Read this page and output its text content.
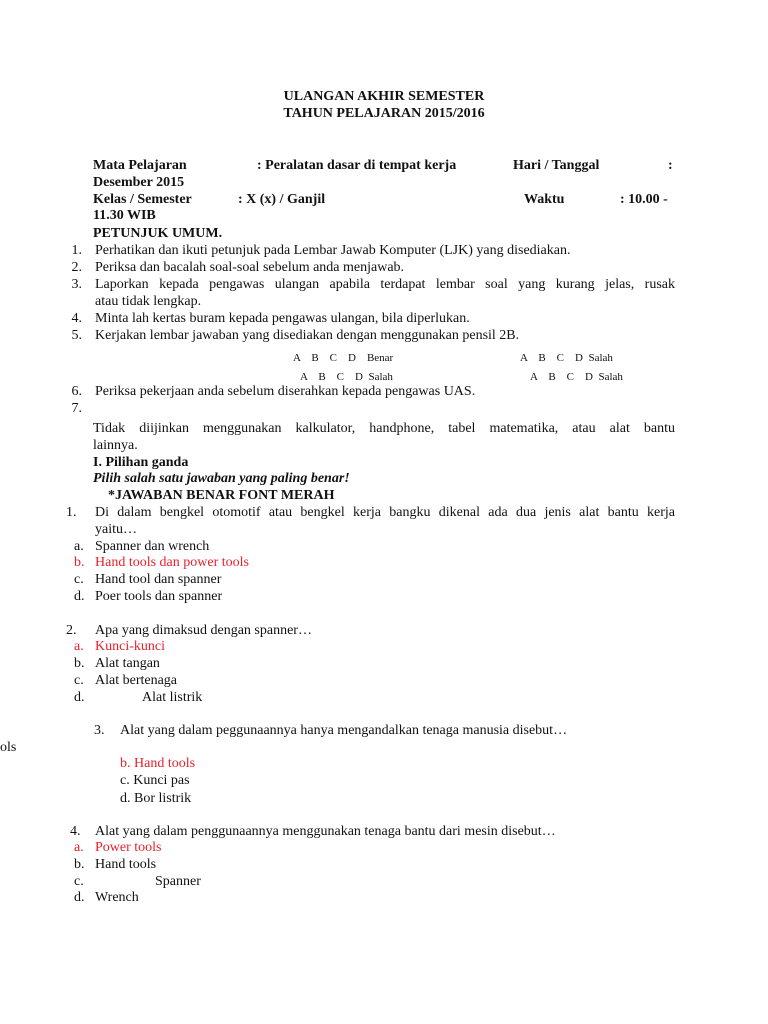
ULANGAN AKHIR SEMESTER
TAHUN PELAJARAN 2015/2016
Mata Pelajaran	: Peralatan dasar di tempat kerja	Hari / Tanggal	:
Desember 2015
Kelas / Semester	: X (x) / Ganjil	Waktu	: 10.00 -
11.30 WIB
PETUNJUK UMUM.
1. Perhatikan dan ikuti petunjuk pada Lembar Jawab Komputer (LJK) yang disediakan.
2. Periksa dan bacalah soal-soal sebelum anda menjawab.
3. Laporkan kepada pengawas ulangan apabila terdapat lembar soal yang kurang jelas, rusak
atau tidak lengkap.
4. Minta lah kertas buram kepada pengawas ulangan, bila diperlukan.
5. Kerjakan lembar jawaban yang disediakan dengan menggunakan pensil 2B.
A    B    C    D    Benar	A    B    C    D  Salah
A    B    C    D  Salah	A    B    C    D  Salah
6. Periksa pekerjaan anda sebelum diserahkan kepada pengawas UAS.
7.
Tidak diijinkan menggunakan kalkulator, handphone, tabel matematika, atau alat bantu
lainnya.
I. Pilihan ganda
Pilih salah satu jawaban yang paling benar!
*JAWABAN BENAR FONT MERAH
1. Di dalam bengkel otomotif atau bengkel kerja bangku dikenal ada dua jenis alat bantu kerja
yaitu…
a. Spanner dan wrench
b. Hand tools dan power tools
c. Hand tool dan spanner
d. Poer tools dan spanner
2. Apa yang dimaksud dengan spanner…
a. Kunci-kunci
b. Alat tangan
c. Alat bertenaga
d.	Alat listrik
3. Alat yang dalam peggunaannya hanya mengandalkan tenaga manusia disebut…
ols
b. Hand tools
c. Kunci pas
d. Bor listrik
4. Alat yang dalam penggunaannya menggunakan tenaga bantu dari mesin disebut…
a. Power tools
b. Hand tools
c.	Spanner
d. Wrench
